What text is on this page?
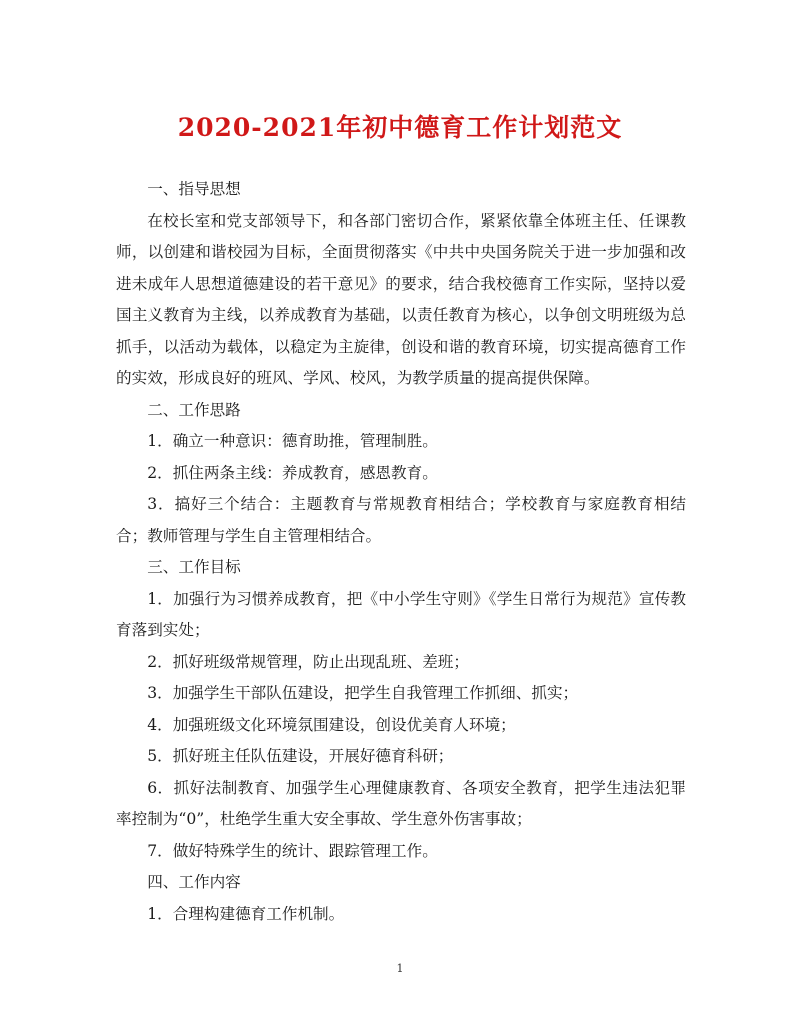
2020-2021年初中德育工作计划范文

一、指导思想

在校长室和党支部领导下，和各部门密切合作，紧紧依靠全体班主任、任课教师，以创建和谐校园为目标，全面贯彻落实《中共中央国务院关于进一步加强和改进未成年人思想道德建设的若干意见》的要求，结合我校德育工作实际，坚持以爱国主义教育为主线，以养成教育为基础，以责任教育为核心，以争创文明班级为总抓手，以活动为载体，以稳定为主旋律，创设和谐的教育环境，切实提高德育工作的实效，形成良好的班风、学风、校风，为教学质量的提高提供保障。

二、工作思路

1．确立一种意识：德育助推，管理制胜。

2．抓住两条主线：养成教育，感恩教育。

3．搞好三个结合：主题教育与常规教育相结合；学校教育与家庭教育相结合；教师管理与学生自主管理相结合。

三、工作目标

1．加强行为习惯养成教育，把《中小学生守则》《学生日常行为规范》宣传教育落到实处；

2．抓好班级常规管理，防止出现乱班、差班；

3．加强学生干部队伍建设，把学生自我管理工作抓细、抓实；

4．加强班级文化环境氛围建设，创设优美育人环境；

5．抓好班主任队伍建设，开展好德育科研；

6．抓好法制教育、加强学生心理健康教育、各项安全教育，把学生违法犯罪率控制为“0”，杜绝学生重大安全事故、学生意外伤害事故；

7．做好特殊学生的统计、跟踪管理工作。

四、工作内容

1．合理构建德育工作机制。

1
